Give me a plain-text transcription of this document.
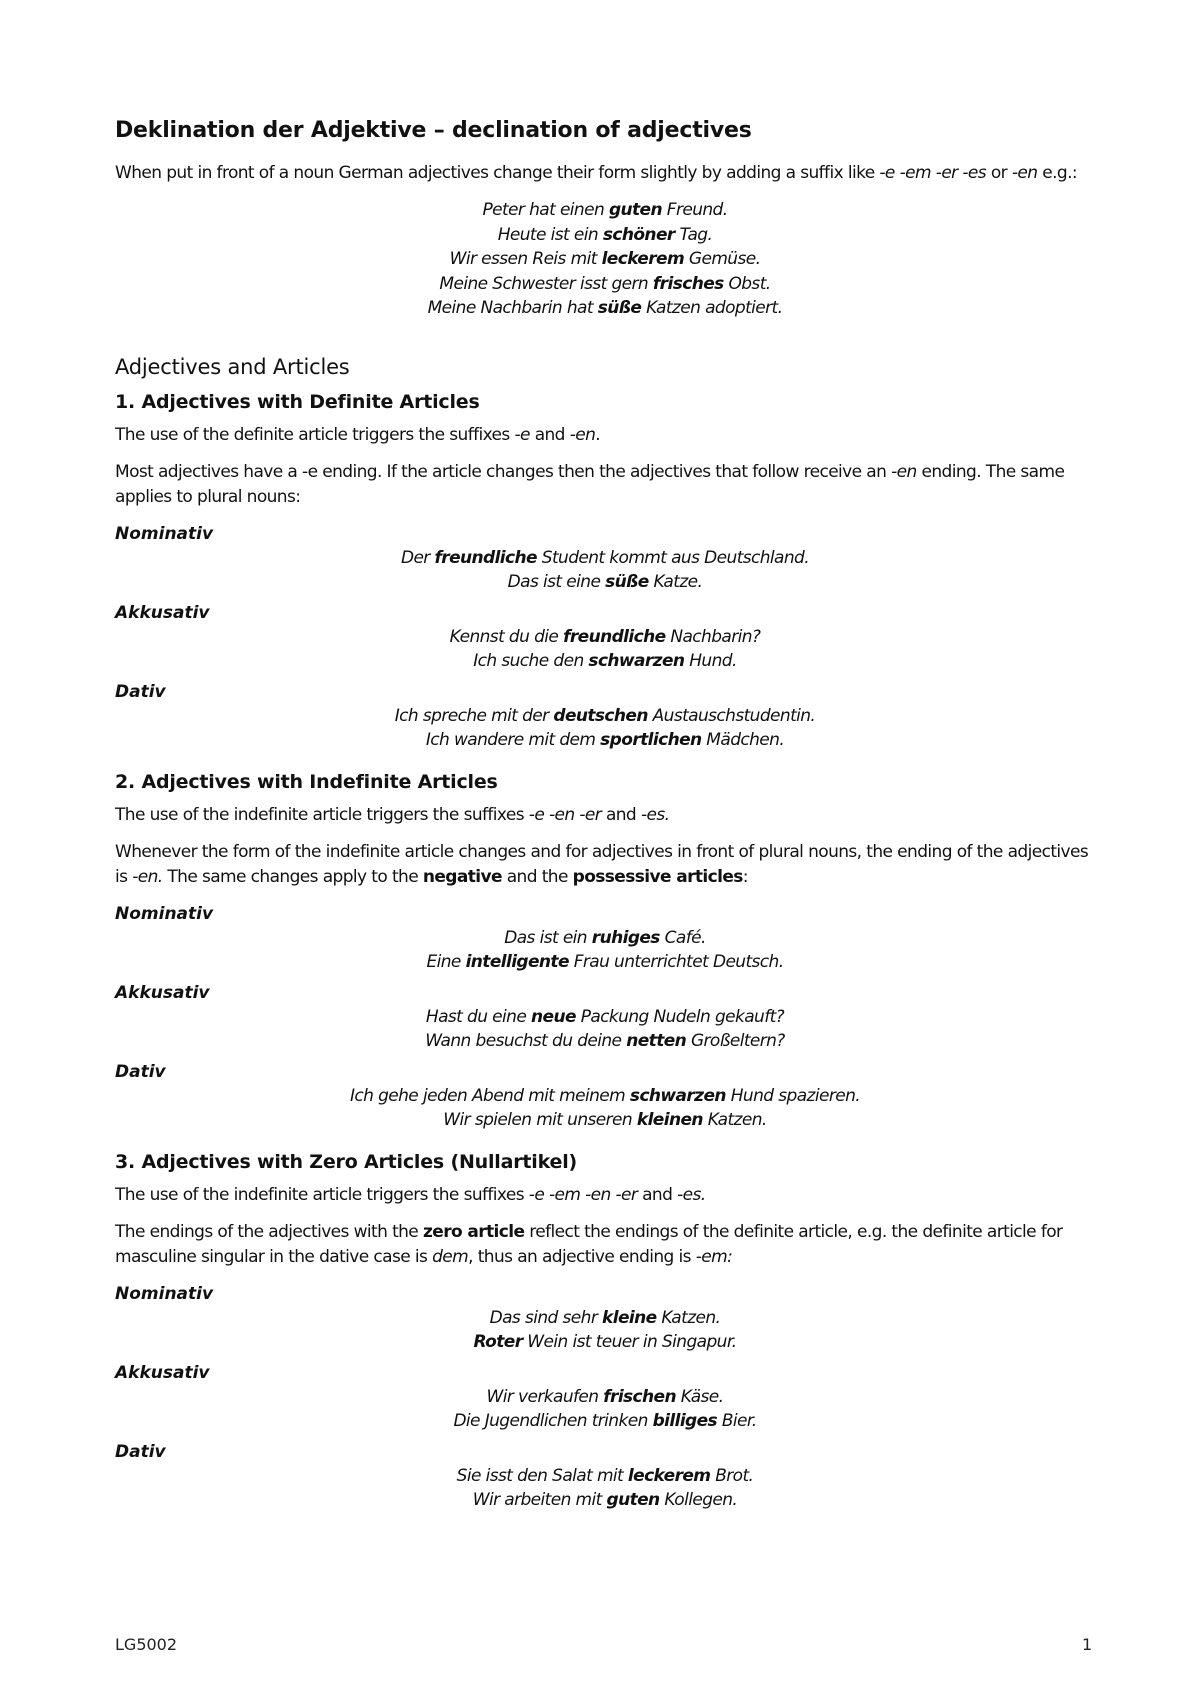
Deklination der Adjektive – declination of adjectives

When put in front of a noun German adjectives change their form slightly by adding a suffix like -e -em -er -es or -en e.g.:

Peter hat einen guten Freund.
Heute ist ein schöner Tag.
Wir essen Reis mit leckerem Gemüse.
Meine Schwester isst gern frisches Obst.
Meine Nachbarin hat süße Katzen adoptiert.
Adjectives and Articles
1. Adjectives with Definite Articles

The use of the definite article triggers the suffixes -e and -en.

Most adjectives have a -e ending. If the article changes then the adjectives that follow receive an -en ending. The same applies to plural nouns:

Nominativ
Der freundliche Student kommt aus Deutschland.
Das ist eine süße Katze.
Akkusativ
Kennst du die freundliche Nachbarin?
Ich suche den schwarzen Hund.
Dativ
Ich spreche mit der deutschen Austauschstudentin.
Ich wandere mit dem sportlichen Mädchen.
2. Adjectives with Indefinite Articles

The use of the indefinite article triggers the suffixes -e -en -er and -es.

Whenever the form of the indefinite article changes and for adjectives in front of plural nouns, the ending of the adjectives is -en. The same changes apply to the negative and the possessive articles:

Nominativ
Das ist ein ruhiges Café.
Eine intelligente Frau unterrichtet Deutsch.
Akkusativ
Hast du eine neue Packung Nudeln gekauft?
Wann besuchst du deine netten Großeltern?
Dativ
Ich gehe jeden Abend mit meinem schwarzen Hund spazieren.
Wir spielen mit unseren kleinen Katzen.
3. Adjectives with Zero Articles (Nullartikel)

The use of the indefinite article triggers the suffixes -e -em -en -er and -es.

The endings of the adjectives with the zero article reflect the endings of the definite article, e.g. the definite article for masculine singular in the dative case is dem, thus an adjective ending is -em:

Nominativ
Das sind sehr kleine Katzen.
Roter Wein ist teuer in Singapur.
Akkusativ
Wir verkaufen frischen Käse.
Die Jugendlichen trinken billiges Bier.
Dativ
Sie isst den Salat mit leckerem Brot.
Wir arbeiten mit guten Kollegen.
LG5002	1
